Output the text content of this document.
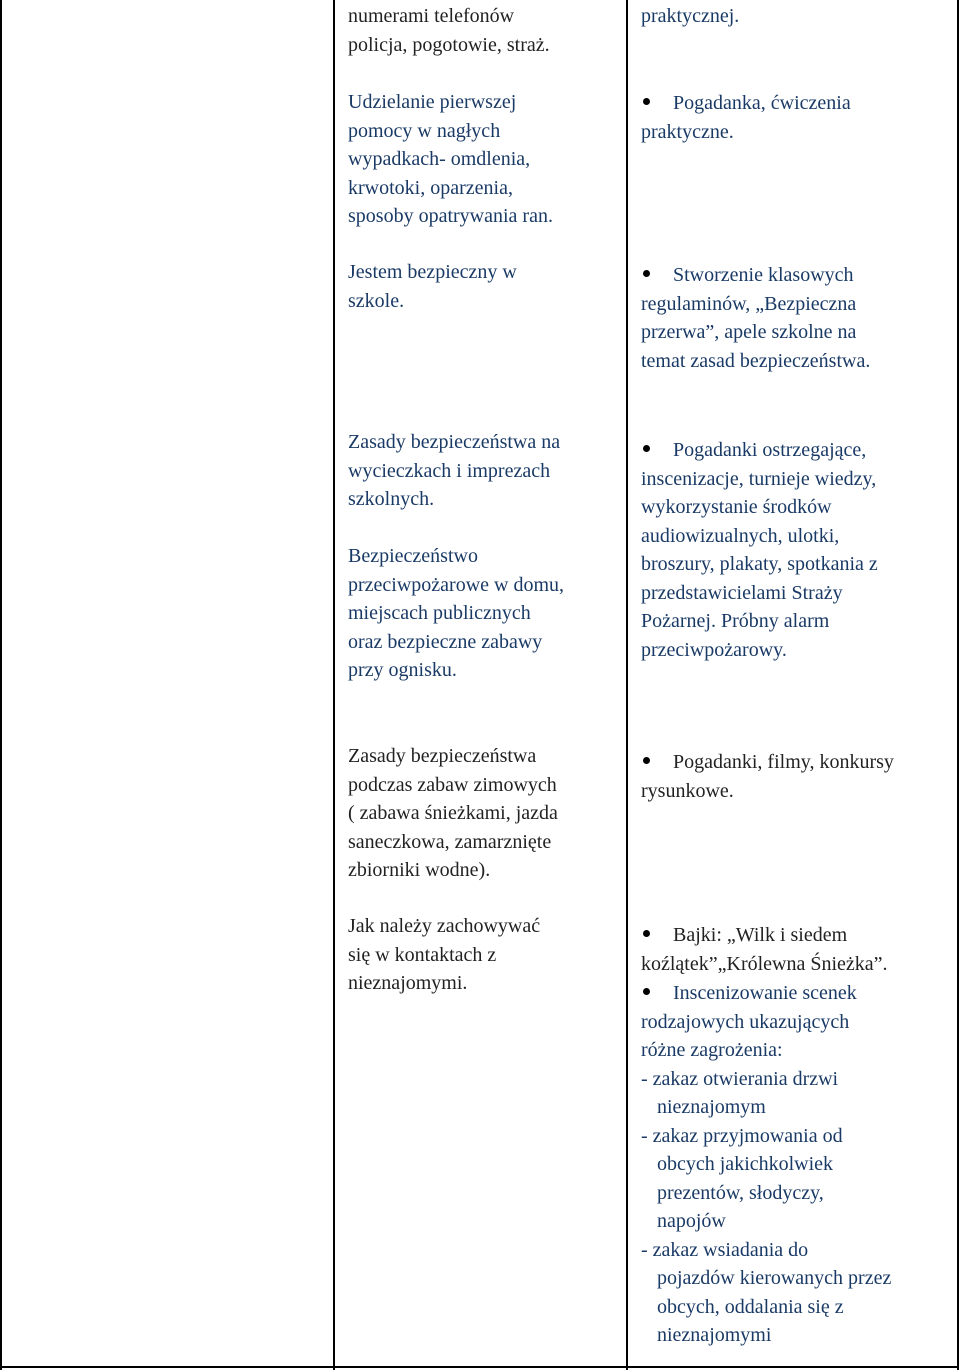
numerami telefonów

policja, pogotowie, straż.

Udzielanie pierwszej

pomocy w nagłych

wypadkach- omdlenia,

krwotoki, oparzenia,

sposoby opatrywania ran.

Jestem bezpieczny w

szkole.

Zasady bezpieczeństwa na

wycieczkach i imprezach

szkolnych.

Bezpieczeństwo

przeciwpożarowe w domu,

miejscach publicznych

oraz bezpieczne zabawy

przy ognisku.

Zasady bezpieczeństwa

podczas zabaw zimowych

( zabawa śnieżkami, jazda

saneczkowa, zamarznięte

zbiorniki wodne).

Jak należy zachowywać

się w kontaktach z

nieznajomymi.

praktycznej.

Pogadanka, ćwiczenia

praktyczne.

Stworzenie klasowych

regulaminów, „Bezpieczna

przerwa”, apele szkolne na

temat zasad bezpieczeństwa.

Pogadanki ostrzegające,

inscenizacje, turnieje wiedzy,

wykorzystanie środków

audiowizualnych, ulotki,

broszury, plakaty, spotkania z

przedstawicielami Straży

Pożarnej. Próbny alarm

przeciwpożarowy.

Pogadanki, filmy, konkursy

rysunkowe.

Bajki: „Wilk i siedem

koźlątek”„Królewna Śnieżka”.

Inscenizowanie scenek

rodzajowych ukazujących

różne zagrożenia:

- zakaz otwierania drzwi
nieznajomym

- zakaz przyjmowania od
obcych jakichkolwiek
prezentów, słodyczy,
napojów

- zakaz wsiadania do
pojazdów kierowanych przez
obcych, oddalania się z
nieznajomymi
